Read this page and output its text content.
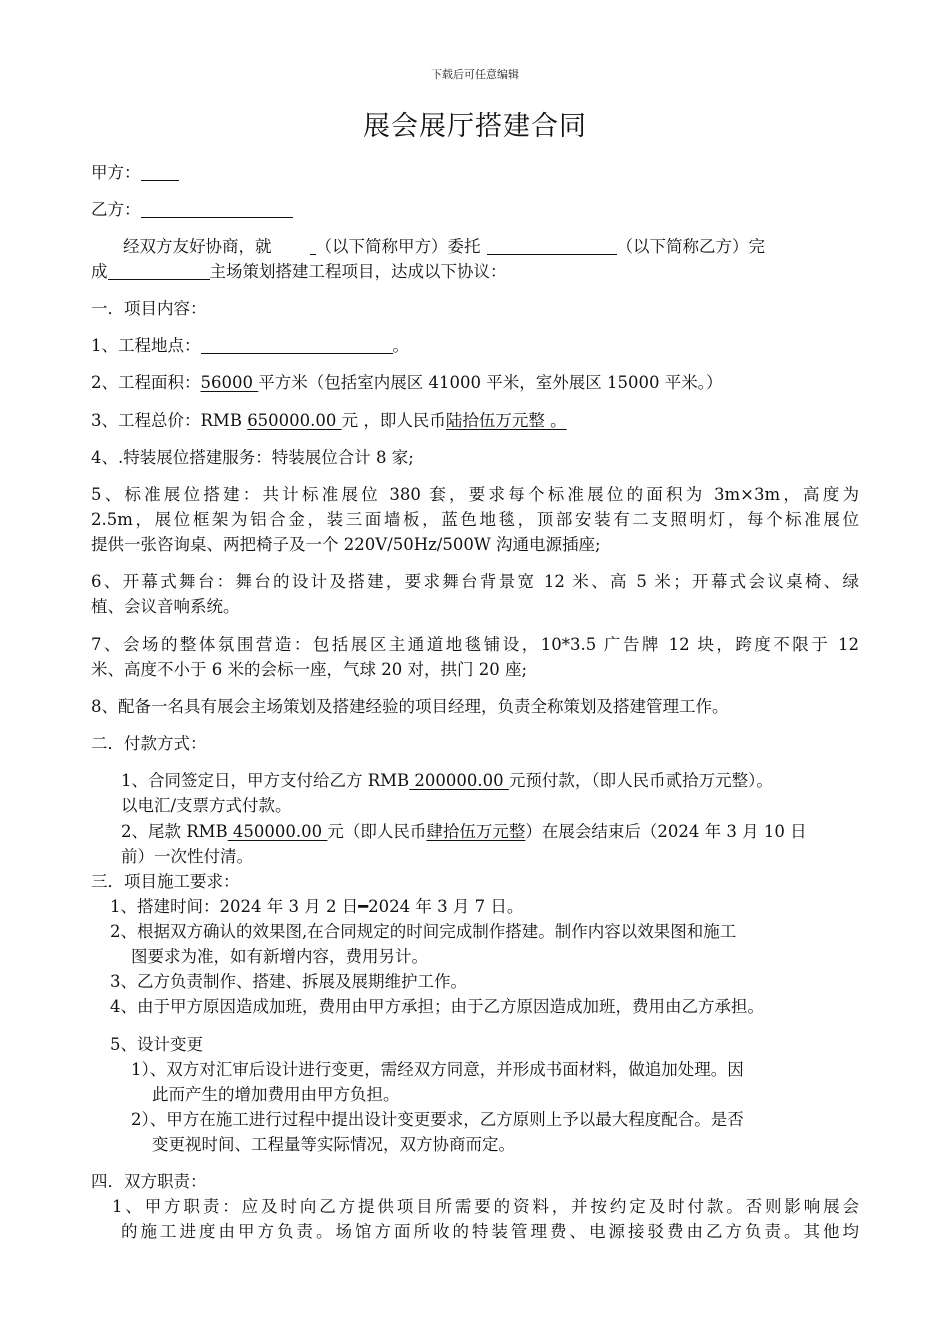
下载后可任意编辑
展会展厅搭建合同
甲方：
乙方：
经双方友好协商，就	（以下简称甲方）委托	（以下简称乙方）完
成	主场策划搭建工程项目，达成以下协议：
一．项目内容：
1、工程地点：	。
2、工程面积：56000 平方米（包括室内展区 41000 平米，室外展区 15000 平米。）
3、工程总价：RMB 650000.00 元 ，即人民币陆拾伍万元整 。
4、.特装展位搭建服务：特装展位合计 8 家;
5、标准展位搭建：共计标准展位 380 套，要求每个标准展位的面积为 3m×3m，高度为
2.5m，展位框架为铝合金，装三面墙板，蓝色地毯，顶部安装有二支照明灯，每个标准展位
提供一张咨询桌、两把椅子及一个 220V/50Hz/500W 沟通电源插座;
6、开幕式舞台：舞台的设计及搭建，要求舞台背景宽 12 米、高 5 米；开幕式会议桌椅、绿
植、会议音响系统。
7、会场的整体氛围营造：包括展区主通道地毯铺设，10*3.5 广告牌 12 块，跨度不限于 12
米、高度不小于 6 米的会标一座，气球 20 对，拱门 20 座;
8、配备一名具有展会主场策划及搭建经验的项目经理，负责全称策划及搭建管理工作。
二．付款方式：
1、合同签定日，甲方支付给乙方 RMB 200000.00 元预付款，（即人民币贰拾万元整）。
以电汇/支票方式付款。
2、尾款 RMB 450000.00 元（即人民币肆拾伍万元整）在展会结束后（2024 年 3 月 10 日
前）一次性付清。
三．项目施工要求：
1、搭建时间：2024 年 3 月 2 日━2024 年 3 月 7 日。
2、根据双方确认的效果图,在合同规定的时间完成制作搭建。制作内容以效果图和施工
图要求为准，如有新增内容，费用另计。
3、乙方负责制作、搭建、拆展及展期维护工作。
4、由于甲方原因造成加班，费用由甲方承担；由于乙方原因造成加班，费用由乙方承担。
5、设计变更
1）、双方对汇审后设计进行变更，需经双方同意，并形成书面材料，做追加处理。因
此而产生的增加费用由甲方负担。
2）、甲方在施工进行过程中提出设计变更要求，乙方原则上予以最大程度配合。是否
变更视时间、工程量等实际情况，双方协商而定。
四．双方职责：
1、甲方职责：应及时向乙方提供项目所需要的资料，并按约定及时付款。否则影响展会
的施工进度由甲方负责。场馆方面所收的特装管理费、电源接驳费由乙方负责。其他均
